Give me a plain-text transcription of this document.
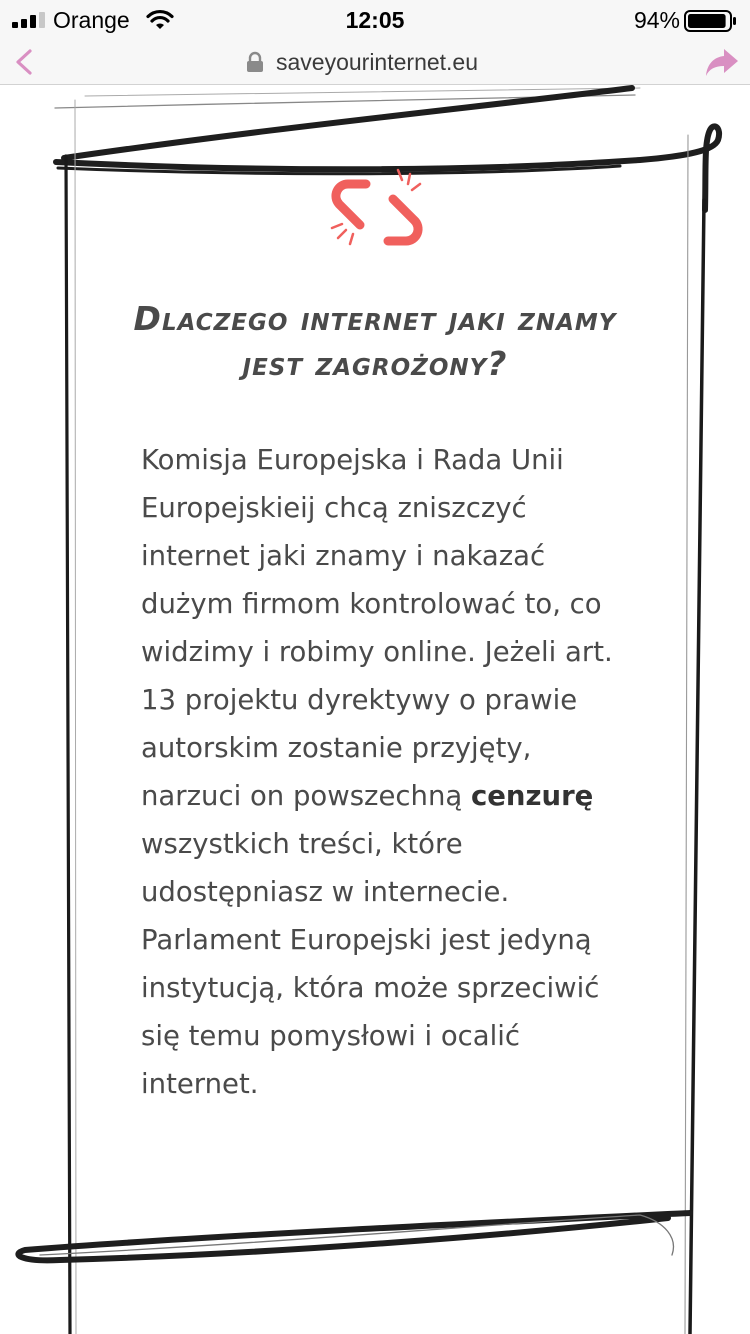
Orange	12:05	94%
saveyourinternet.eu
Dlaczego internet jaki znamy jest zagrożony?

Komisja Europejska i Rada Unii Europejskieij chcą zniszczyć internet jaki znamy i nakazać dużym firmom kontrolować to, co widzimy i robimy online. Jeżeli art. 13 projektu dyrektywy o prawie autorskim zostanie przyjęty, narzuci on powszechną cenzurę wszystkich treści, które udostępniasz w internecie. Parlament Europejski jest jedyną instytucją, która może sprzeciwić się temu pomysłowi i ocalić internet.
